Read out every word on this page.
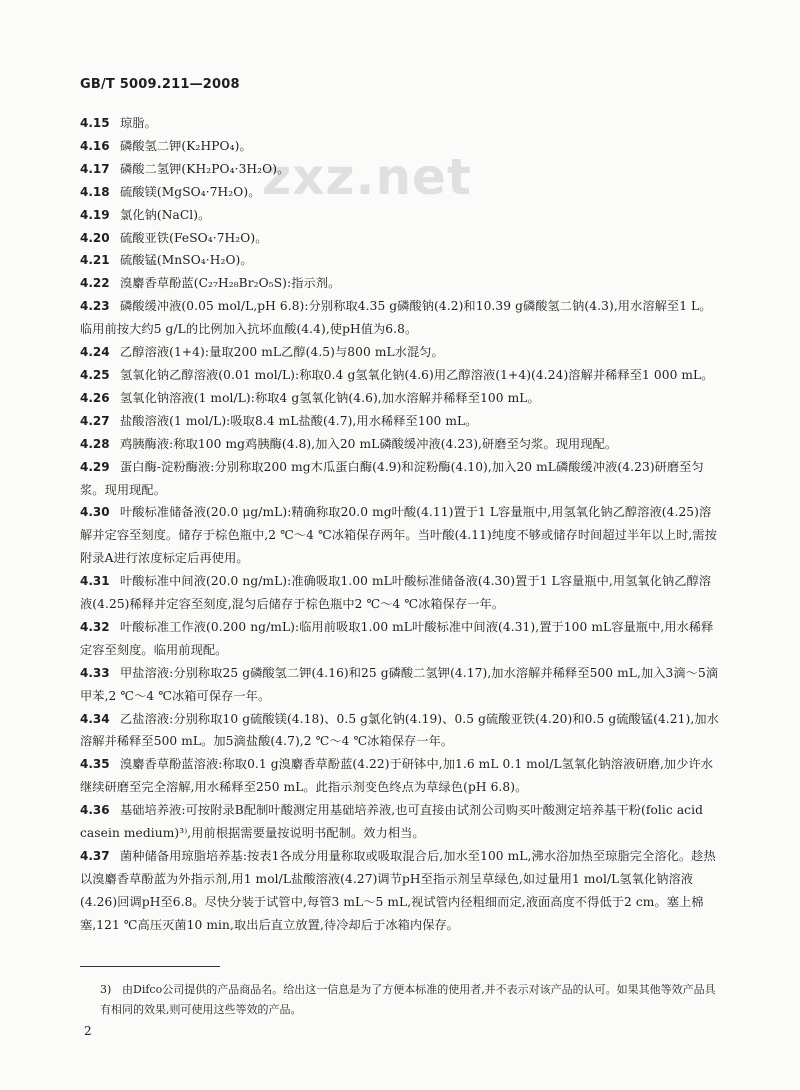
GB/T 5009.211—2008
zxz.net

4.15 琼脂。

4.16 磷酸氢二钾(K₂HPO₄)。

4.17 磷酸二氢钾(KH₂PO₄·3H₂O)。

4.18 硫酸镁(MgSO₄·7H₂O)。

4.19 氯化钠(NaCl)。

4.20 硫酸亚铁(FeSO₄·7H₂O)。

4.21 硫酸锰(MnSO₄·H₂O)。

4.22 溴麝香草酚蓝(C₂₇H₂₈Br₂O₅S):指示剂。

4.23 磷酸缓冲液(0.05 mol/L,pH 6.8):分别称取4.35 g磷酸钠(4.2)和10.39 g磷酸氢二钠(4.3),用水溶解至1 L。临用前按大约5 g/L的比例加入抗坏血酸(4.4),使pH值为6.8。

4.24 乙醇溶液(1+4):量取200 mL乙醇(4.5)与800 mL水混匀。

4.25 氢氧化钠乙醇溶液(0.01 mol/L):称取0.4 g氢氧化钠(4.6)用乙醇溶液(1+4)(4.24)溶解并稀释至1 000 mL。

4.26 氢氧化钠溶液(1 mol/L):称取4 g氢氧化钠(4.6),加水溶解并稀释至100 mL。

4.27 盐酸溶液(1 mol/L):吸取8.4 mL盐酸(4.7),用水稀释至100 mL。

4.28 鸡胰酶液:称取100 mg鸡胰酶(4.8),加入20 mL磷酸缓冲液(4.23),研磨至匀浆。现用现配。

4.29 蛋白酶-淀粉酶液:分别称取200 mg木瓜蛋白酶(4.9)和淀粉酶(4.10),加入20 mL磷酸缓冲液(4.23)研磨至匀浆。现用现配。

4.30 叶酸标准储备液(20.0 μg/mL):精确称取20.0 mg叶酸(4.11)置于1 L容量瓶中,用氢氧化钠乙醇溶液(4.25)溶解并定容至刻度。储存于棕色瓶中,2 ℃～4 ℃冰箱保存两年。当叶酸(4.11)纯度不够或储存时间超过半年以上时,需按附录A进行浓度标定后再使用。

4.31 叶酸标准中间液(20.0 ng/mL):准确吸取1.00 mL叶酸标准储备液(4.30)置于1 L容量瓶中,用氢氧化钠乙醇溶液(4.25)稀释并定容至刻度,混匀后储存于棕色瓶中2 ℃～4 ℃冰箱保存一年。

4.32 叶酸标准工作液(0.200 ng/mL):临用前吸取1.00 mL叶酸标准中间液(4.31),置于100 mL容量瓶中,用水稀释定容至刻度。临用前现配。

4.33 甲盐溶液:分别称取25 g磷酸氢二钾(4.16)和25 g磷酸二氢钾(4.17),加水溶解并稀释至500 mL,加入3滴～5滴甲苯,2 ℃～4 ℃冰箱可保存一年。

4.34 乙盐溶液:分别称取10 g硫酸镁(4.18)、0.5 g氯化钠(4.19)、0.5 g硫酸亚铁(4.20)和0.5 g硫酸锰(4.21),加水溶解并稀释至500 mL。加5滴盐酸(4.7),2 ℃～4 ℃冰箱保存一年。

4.35 溴麝香草酚蓝溶液:称取0.1 g溴麝香草酚蓝(4.22)于研钵中,加1.6 mL 0.1 mol/L氢氧化钠溶液研磨,加少许水继续研磨至完全溶解,用水稀释至250 mL。此指示剂变色终点为草绿色(pH 6.8)。

4.36 基础培养液:可按附录B配制叶酸测定用基础培养液,也可直接由试剂公司购买叶酸测定培养基干粉(folic acid casein medium)³⁾,用前根据需要量按说明书配制。效力相当。

4.37 菌种储备用琼脂培养基:按表1各成分用量称取或吸取混合后,加水至100 mL,沸水浴加热至琼脂完全溶化。趁热以溴麝香草酚蓝为外指示剂,用1 mol/L盐酸溶液(4.27)调节pH至指示剂呈草绿色,如过量用1 mol/L氢氧化钠溶液(4.26)回调pH至6.8。尽快分装于试管中,每管3 mL～5 mL,视试管内径粗细而定,液面高度不得低于2 cm。塞上棉塞,121 ℃高压灭菌10 min,取出后直立放置,待冷却后于冰箱内保存。

3) 由Difco公司提供的产品商品名。给出这一信息是为了方便本标准的使用者,并不表示对该产品的认可。如果其他等效产品具有相同的效果,则可使用这些等效的产品。
2
